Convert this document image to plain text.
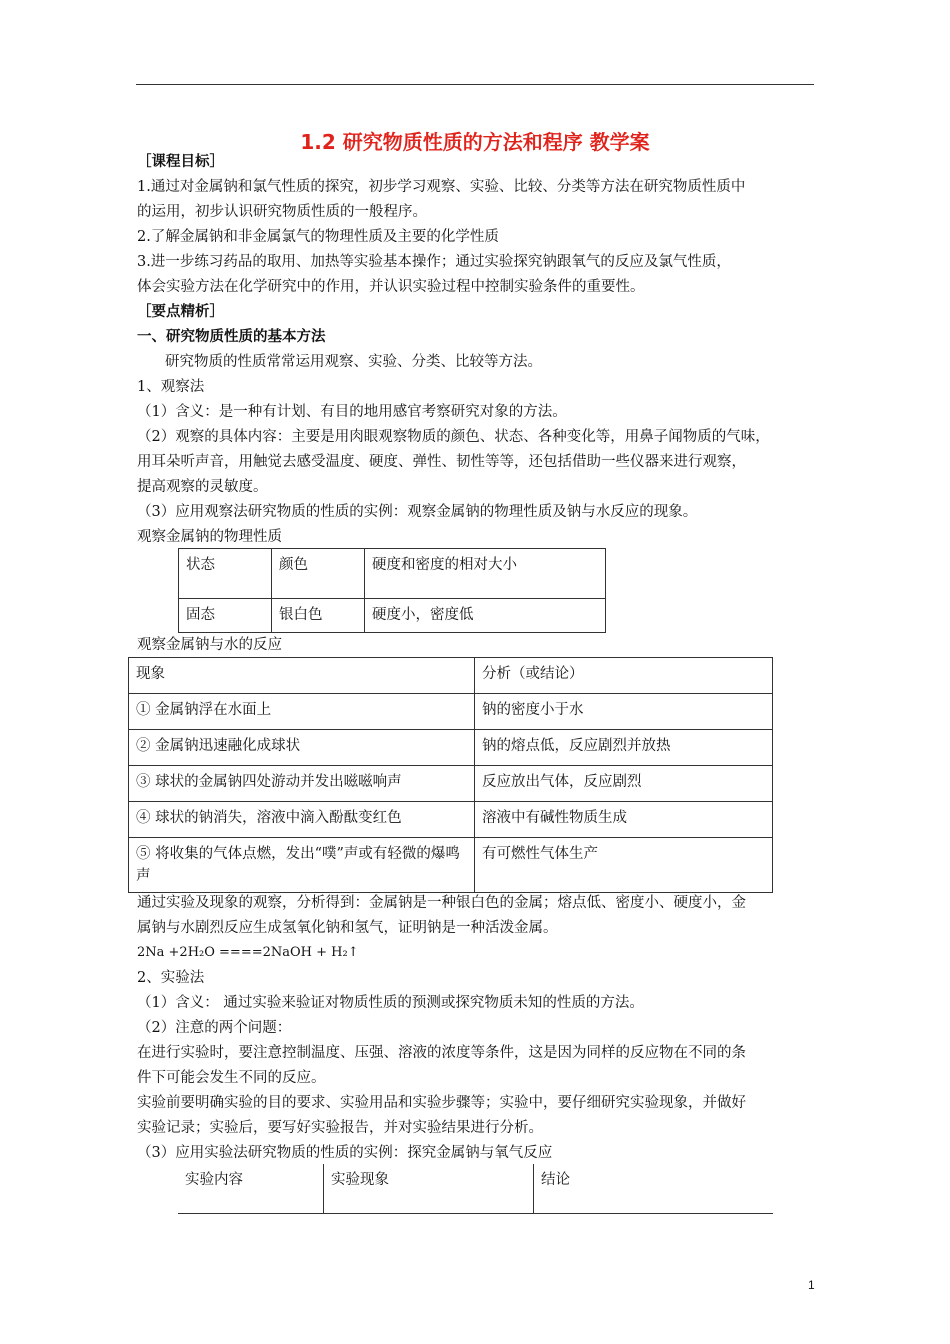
1.2 研究物质性质的方法和程序 教学案
［课程目标］
1.通过对金属钠和氯气性质的探究，初步学习观察、实验、比较、分类等方法在研究物质性质中
的运用，初步认识研究物质性质的一般程序。
2.了解金属钠和非金属氯气的物理性质及主要的化学性质
3.进一步练习药品的取用、加热等实验基本操作；通过实验探究钠跟氧气的反应及氯气性质，
体会实验方法在化学研究中的作用，并认识实验过程中控制实验条件的重要性。
［要点精析］
一、研究物质性质的基本方法
研究物质的性质常常运用观察、实验、分类、比较等方法。
1、观察法
（1）含义：是一种有计划、有目的地用感官考察研究对象的方法。
（2）观察的具体内容：主要是用肉眼观察物质的颜色、状态、各种变化等，用鼻子闻物质的气味，
用耳朵听声音，用触觉去感受温度、硬度、弹性、韧性等等，还包括借助一些仪器来进行观察，
提高观察的灵敏度。
（3）应用观察法研究物质的性质的实例：观察金属钠的物理性质及钠与水反应的现象。
观察金属钠的物理性质
状态	颜色	硬度和密度的相对大小
固态	银白色	硬度小，密度低
观察金属钠与水的反应
现象	分析（或结论）
① 金属钠浮在水面上	钠的密度小于水
② 金属钠迅速融化成球状	钠的熔点低，反应剧烈并放热
③ 球状的金属钠四处游动并发出嗞嗞响声	反应放出气体，反应剧烈
④ 球状的钠消失，溶液中滴入酚酞变红色	溶液中有碱性物质生成
⑤ 将收集的气体点燃，发出“噗”声或有轻微的爆鸣声	有可燃性气体生产
通过实验及现象的观察，分析得到：金属钠是一种银白色的金属；熔点低、密度小、硬度小，金
属钠与水剧烈反应生成氢氧化钠和氢气，证明钠是一种活泼金属。
2Na +2H₂O ====2NaOH + H₂↑
2、实验法
（1）含义： 通过实验来验证对物质性质的预测或探究物质未知的性质的方法。
（2）注意的两个问题：
在进行实验时，要注意控制温度、压强、溶液的浓度等条件，这是因为同样的反应物在不同的条
件下可能会发生不同的反应。
实验前要明确实验的目的要求、实验用品和实验步骤等；实验中，要仔细研究实验现象，并做好
实验记录；实验后，要写好实验报告，并对实验结果进行分析。
（3）应用实验法研究物质的性质的实例：探究金属钠与氧气反应
实验内容	实验现象	结论
1
